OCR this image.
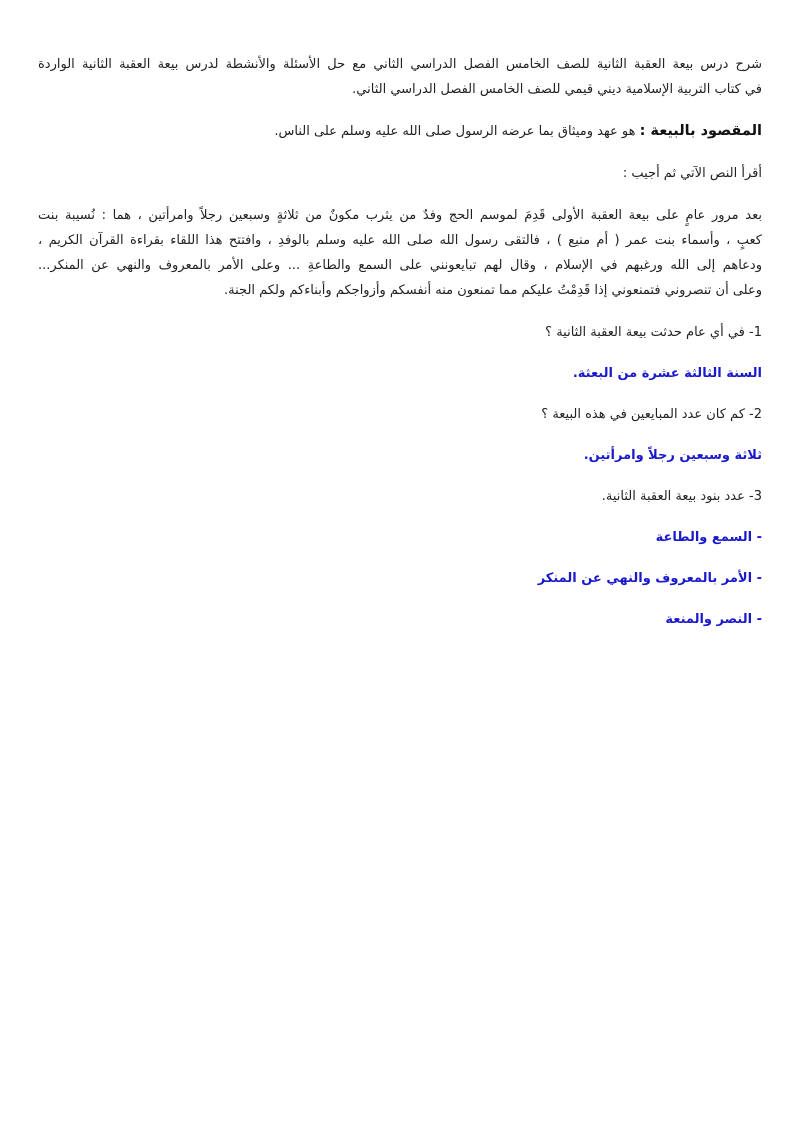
شرح درس بيعة العقبة الثانية للصف الخامس الفصل الدراسي الثاني مع حل الأسئلة والأنشطة لدرس بيعة العقبة الثانية الواردة
في كتاب التربية الإسلامية ديني قيمي للصف الخامس الفصل الدراسي الثاني.
المقصود بالبيعة : هو عهد وميثاق بما عرضه الرسول صلى الله عليه وسلم على الناس.
أقرأ النص الآتي ثم أجيب :
بعد مرور عامٍ على بيعة العقبة الأولى قَدِمَ لموسم الحج وفدٌ من يثرب مكونٌ من ثلاثةٍ وسبعين رجلاً وامرأتين ، هما : نُسيبة بنت
كعبٍ ، وأسماء بنت عمر ( أم منيع ) ، فالتقى رسول الله صلى الله عليه وسلم بالوفدِ ، وافتتح هذا اللقاء بقراءة القرآن الكريم ،
ودعاهم إلى الله ورغبهم في الإسلام ، وقال لهم تبايعونني على السمع والطاعةِ ... وعلى الأمر بالمعروف والنهي عن المنكر...
وعلى أن تنصروني فتمنعوني إذا قَدِمْتُ عليكم مما تمنعون منه أنفسكم وأزواجكم وأبناءكم ولكم الجنة.
1- في أي عام حدثت بيعة العقبة الثانية ؟
السنة الثالثة عشرة من البعثة.
2- كم كان عدد المبايعين في هذه البيعة ؟
ثلاثة وسبعين رجلاً وامرأتين.
3- عدد بنود بيعة العقبة الثانية.
- السمع والطاعة
- الأمر بالمعروف والنهي عن المنكر
- النصر والمنعة
